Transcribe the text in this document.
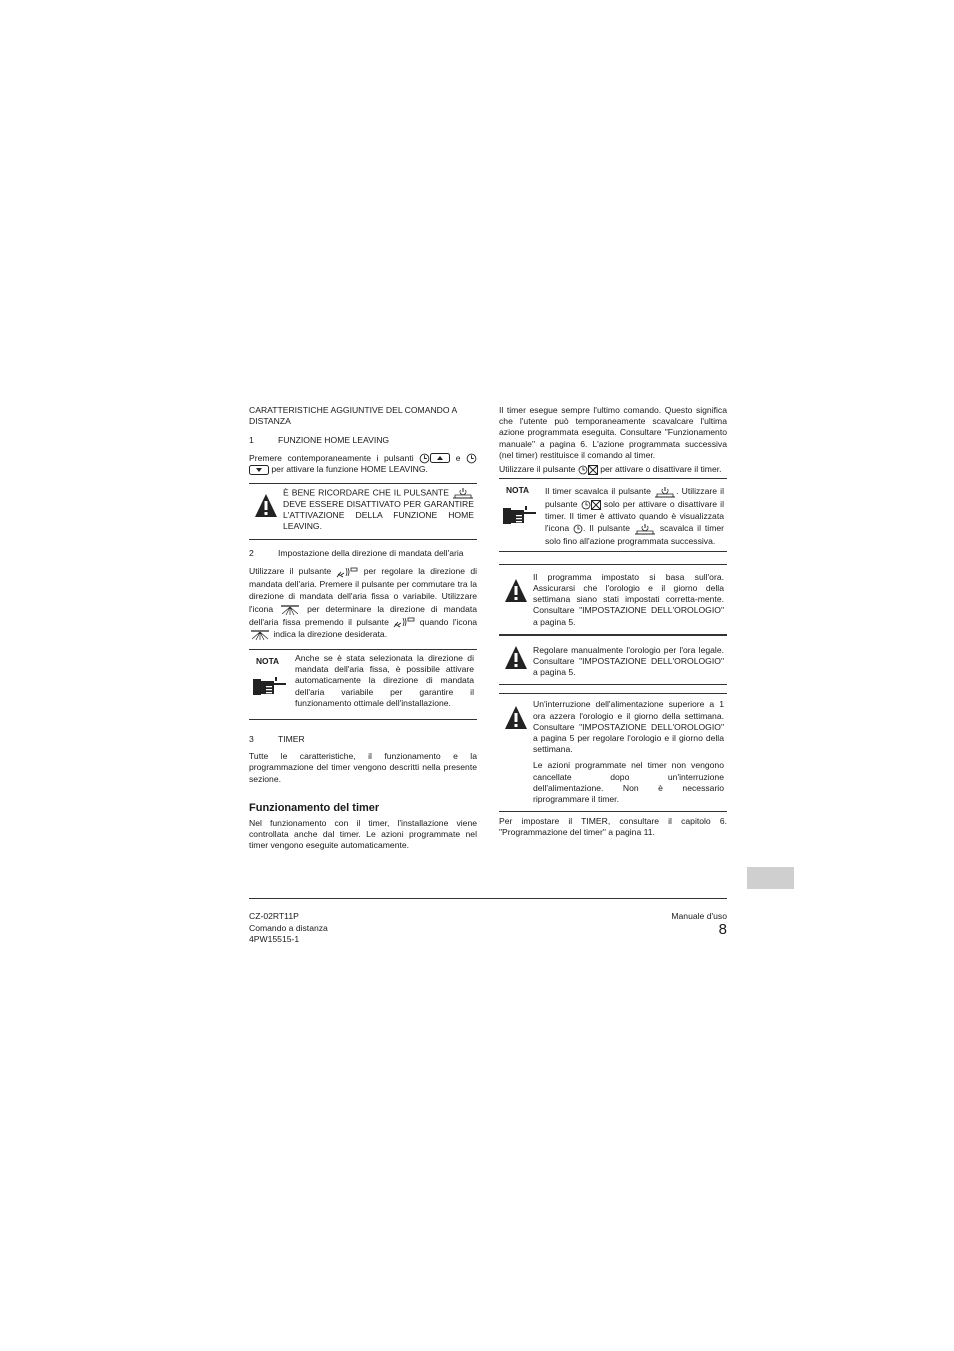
CARATTERISTICHE AGGIUNTIVE DEL COMANDO A DISTANZA

1	FUNZIONE HOME LEAVING

Premere contemporaneamente i pulsanti	e  per attivare la funzione HOME LEAVING.

È BENE RICORDARE CHE IL PULSANTE  DEVE ESSERE DISATTIVATO PER GARANTIRE L'ATTIVAZIONE DELLA FUNZIONE HOME LEAVING.
2	Impostazione della direzione di mandata dell'aria

Utilizzare il pulsante	per regolare la direzione di mandata dell'aria. Premere il pulsante per commutare tra la direzione di mandata dell'aria fissa o variabile. Utilizzare l'icona	per determinare la direzione di mandata dell'aria fissa premendo il pulsante	quando l'icona  indica la direzione desiderata.

NOTA Anche se è stata selezionata la direzione di mandata dell'aria fissa, è possibile attivare automaticamente la direzione di mandata dell'aria variabile per garantire il funzionamento ottimale dell'installazione.
3	TIMER

Tutte le caratteristiche, il funzionamento e la programmazione del timer vengono descritti nella presente sezione.

Funzionamento del timer

Nel funzionamento con il timer, l'installazione viene controllata anche dal timer. Le azioni programmate nel timer vengono eseguite automaticamente.

Il timer esegue sempre l'ultimo comando. Questo significa che l'utente può temporaneamente scavalcare l'ultima azione programmata eseguita. Consultare "Funzionamento manuale" a pagina 6. L'azione programmata successiva (nel timer) restituisce il comando al timer.

Utilizzare il pulsante	per attivare o disattivare il timer.

NOTA Il timer scavalca il pulsante	. Utilizzare il pulsante	solo per attivare o disattivare il timer. Il timer è attivato quando è visualizzata l'icona . Il pulsante	scavalca il timer solo fino all'azione programmata successiva.
Il programma impostato si basa sull'ora. Assicurarsi che l'orologio e il giorno della settimana siano stati impostati corretta-mente. Consultare "IMPOSTAZIONE DELL'OROLOGIO" a pagina 5.
Regolare manualmente l'orologio per l'ora legale. Consultare "IMPOSTAZIONE DELL'OROLOGIO" a pagina 5.

Un'interruzione dell'alimentazione superiore a 1 ora azzera l'orologio e il giorno della settimana. Consultare "IMPOSTAZIONE DELL'OROLOGIO" a pagina 5 per regolare l'orologio e il giorno della settimana.

Le azioni programmate nel timer non vengono cancellate dopo un'interruzione dell'alimentazione. Non è necessario riprogrammare il timer.

Per impostare il TIMER, consultare il capitolo 6. "Programmazione del timer" a pagina 11.

CZ-02RT11P
Comando a distanza
4PW15515-1
Manuale d'uso
8
